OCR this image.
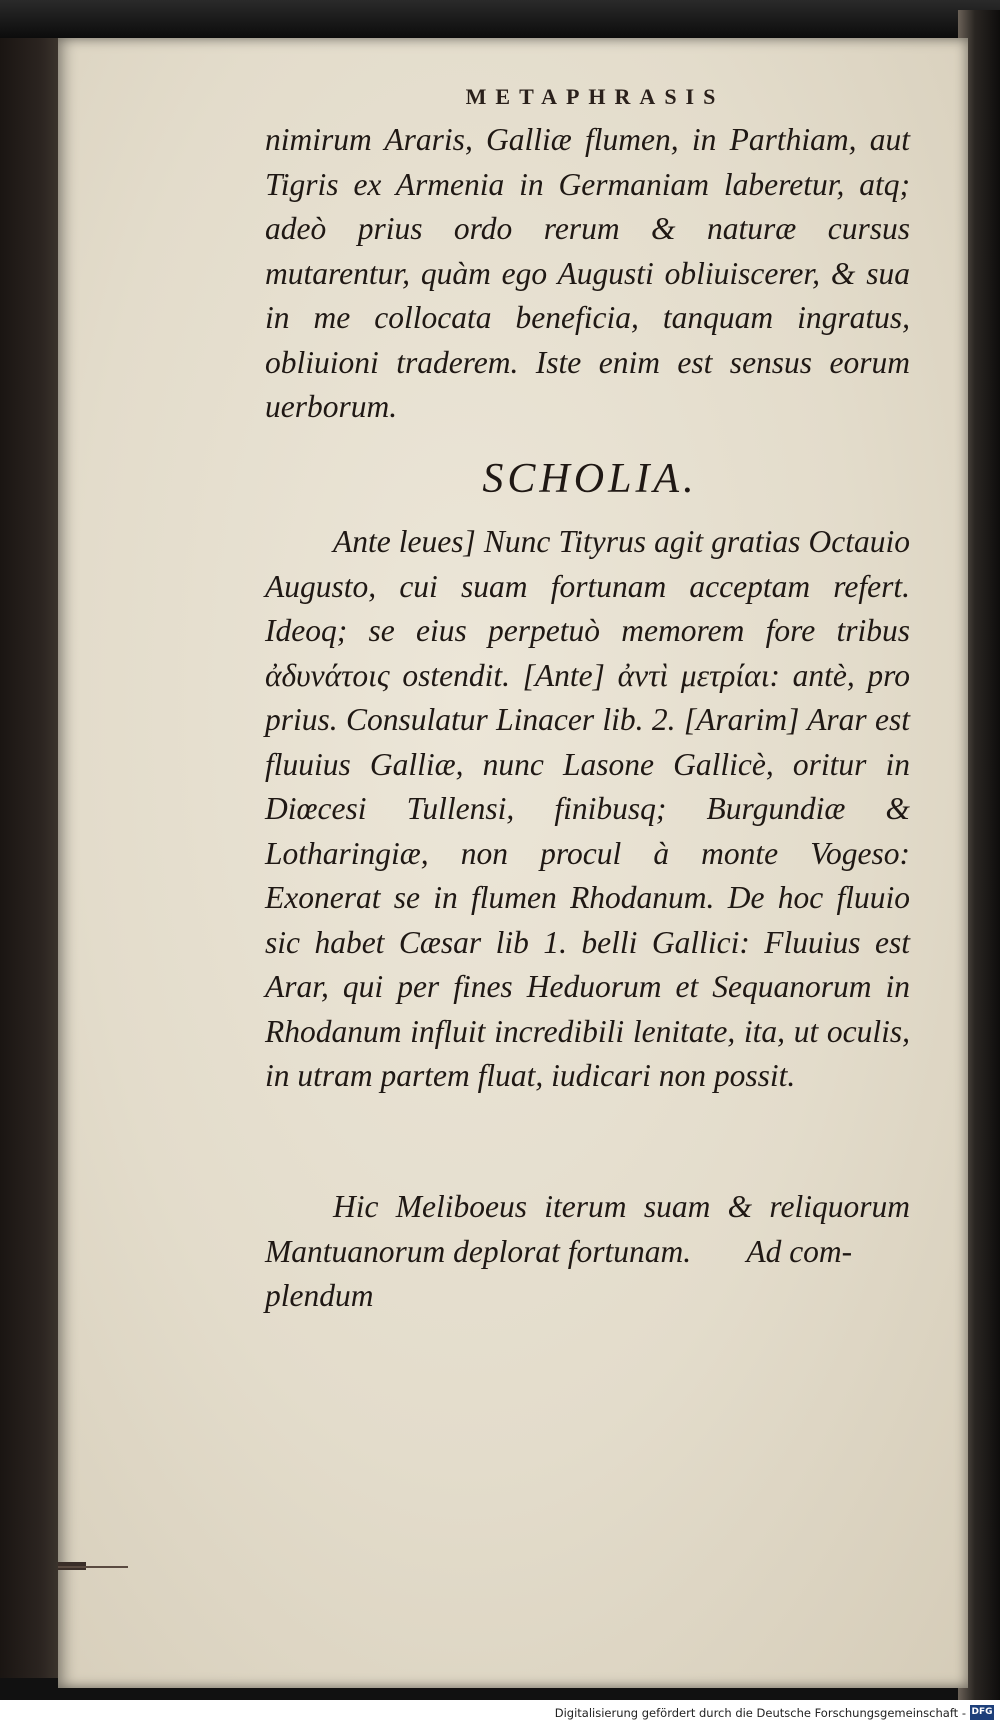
METAPHRASIS

nimirum Araris, Galliæ flumen, in Parthiam, aut Tigris ex Armenia in Germaniam laberetur, atq; adeò prius ordo rerum & naturæ cursus mutarentur, quàm ego Augusti obliuiscerer, & sua in me collocata beneficia, tanquam ingratus, obliuioni traderem. Iste enim est sensus eorum uerborum.

SCHOLIA.

Ante leues] Nunc Tityrus agit gratias Octauio Augusto, cui suam fortunam acceptam refert. Ideoq; se eius perpetuò memorem fore tribus ἀδυνάτοις ostendit. [Ante] ἀντὶ μετρίαι: antè, pro prius. Consulatur Linacer lib. 2. [Ararim] Arar est fluuius Galliæ, nunc Lasone Gallicè, oritur in Diœcesi Tullensi, finibusq; Burgundiæ & Lotharingiæ, non procul à monte Vogeso: Exonerat se in flumen Rhodanum. De hoc fluuio sic habet Cæsar lib 1. belli Gallici: Fluuius est Arar, qui per fines Heduorum et Sequanorum in Rhodanum influit incredibili lenitate, ita, ut oculis, in utram partem fluat, iudicari non possit.

Hic Meliboeus iterum suam & reliquorum Mantuanorum deplorat fortunam. Ad com-

plendum

Digitalisierung gefördert durch die Deutsche Forschungsgemeinschaft - DFG
